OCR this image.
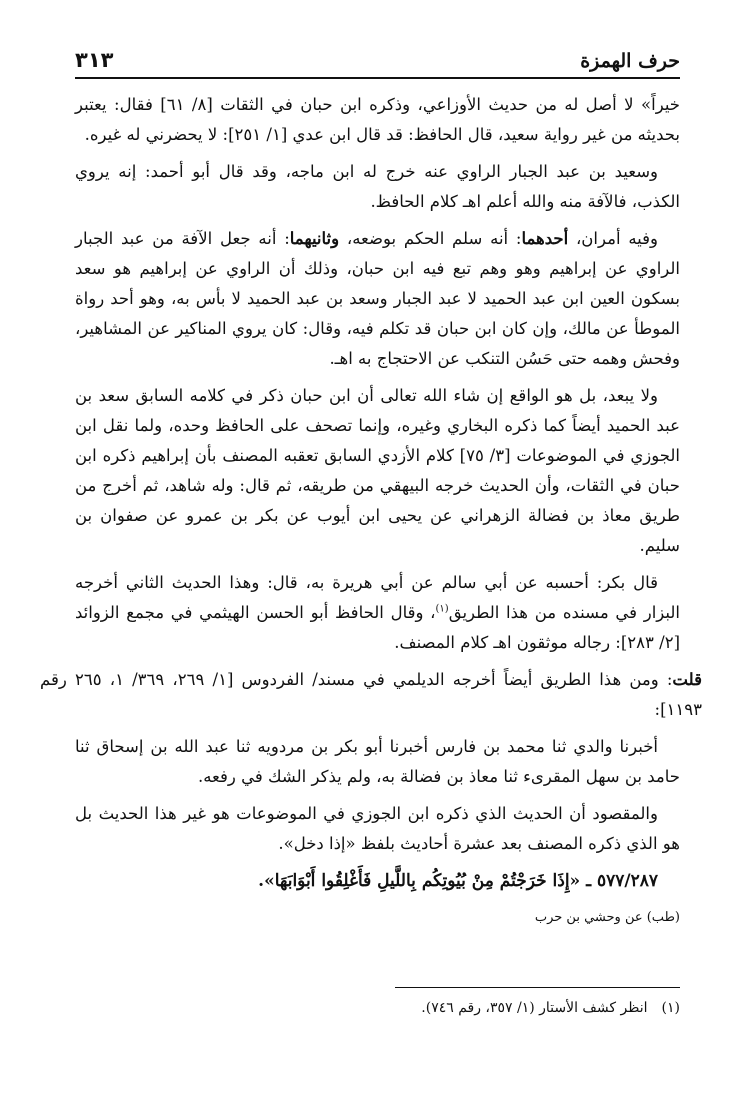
حرف الهمزة
٣١٣

خيراً» لا أصل له من حديث الأوزاعي، وذكره ابن حبان في الثقات [٨/ ٦١] فقال: يعتبر بحديثه من غير رواية سعيد، قال الحافظ: قد قال ابن عدي [١/ ٢٥١]: لا يحضرني له غيره.

وسعيد بن عبد الجبار الراوي عنه خرج له ابن ماجه، وقد قال أبو أحمد: إنه يروي الكذب، فالآفة منه والله أعلم اهـ كلام الحافظ.

وفيه أمران، أحدهما: أنه سلم الحكم بوضعه، وثانيهما: أنه جعل الآفة من عبد الجبار الراوي عن إبراهيم وهو وهم تبع فيه ابن حبان، وذلك أن الراوي عن إبراهيم هو سعد بسكون العين ابن عبد الحميد لا عبد الجبار وسعد بن عبد الحميد لا بأس به، وهو أحد رواة الموطأ عن مالك، وإن كان ابن حبان قد تكلم فيه، وقال: كان يروي المناكير عن المشاهير، وفحش وهمه حتى حَسُن التنكب عن الاحتجاج به اهـ.

ولا يبعد، بل هو الواقع إن شاء الله تعالى أن ابن حبان ذكر في كلامه السابق سعد بن عبد الحميد أيضاً كما ذكره البخاري وغيره، وإنما تصحف على الحافظ وحده، ولما نقل ابن الجوزي في الموضوعات [٣/ ٧٥] كلام الأزدي السابق تعقبه المصنف بأن إبراهيم ذكره ابن حبان في الثقات، وأن الحديث خرجه البيهقي من طريقه، ثم قال: وله شاهد، ثم أخرج من طريق معاذ بن فضالة الزهراني عن يحيى ابن أيوب عن بكر بن عمرو عن صفوان بن سليم.

قال بكر: أحسبه عن أبي سالم عن أبي هريرة به، قال: وهذا الحديث الثاني أخرجه البزار في مسنده من هذا الطريق$^{(١)}$، وقال الحافظ أبو الحسن الهيثمي في مجمع الزوائد [٢/ ٢٨٣]: رجاله موثقون اهـ كلام المصنف.

قلت: ومن هذا الطريق أيضاً أخرجه الديلمي في مسند/ الفردوس [١/ ٢٦٩، ٣٦٩/ ١، ٢٦٥ رقم ١١٩٣]:

أخبرنا والدي ثنا محمد بن فارس أخبرنا أبو بكر بن مردويه ثنا عبد الله بن إسحاق ثنا حامد بن سهل المقرىء ثنا معاذ بن فضالة به، ولم يذكر الشك في رفعه.

والمقصود أن الحديث الذي ذكره ابن الجوزي في الموضوعات هو غير هذا الحديث بل هو الذي ذكره المصنف بعد عشرة أحاديث بلفظ «إذا دخل».

٥٧٧/٢٨٧ ـ «إِذَا خَرَجْتُمْ مِنْ بُيُوتِكُم بِاللَّيلِ فَأَغْلِقُوا أَبْوَابَهَا».

(طب) عن وحشي بن حرب

(١)انظر كشف الأستار (١/ ٣٥٧، رقم ٧٤٦).
